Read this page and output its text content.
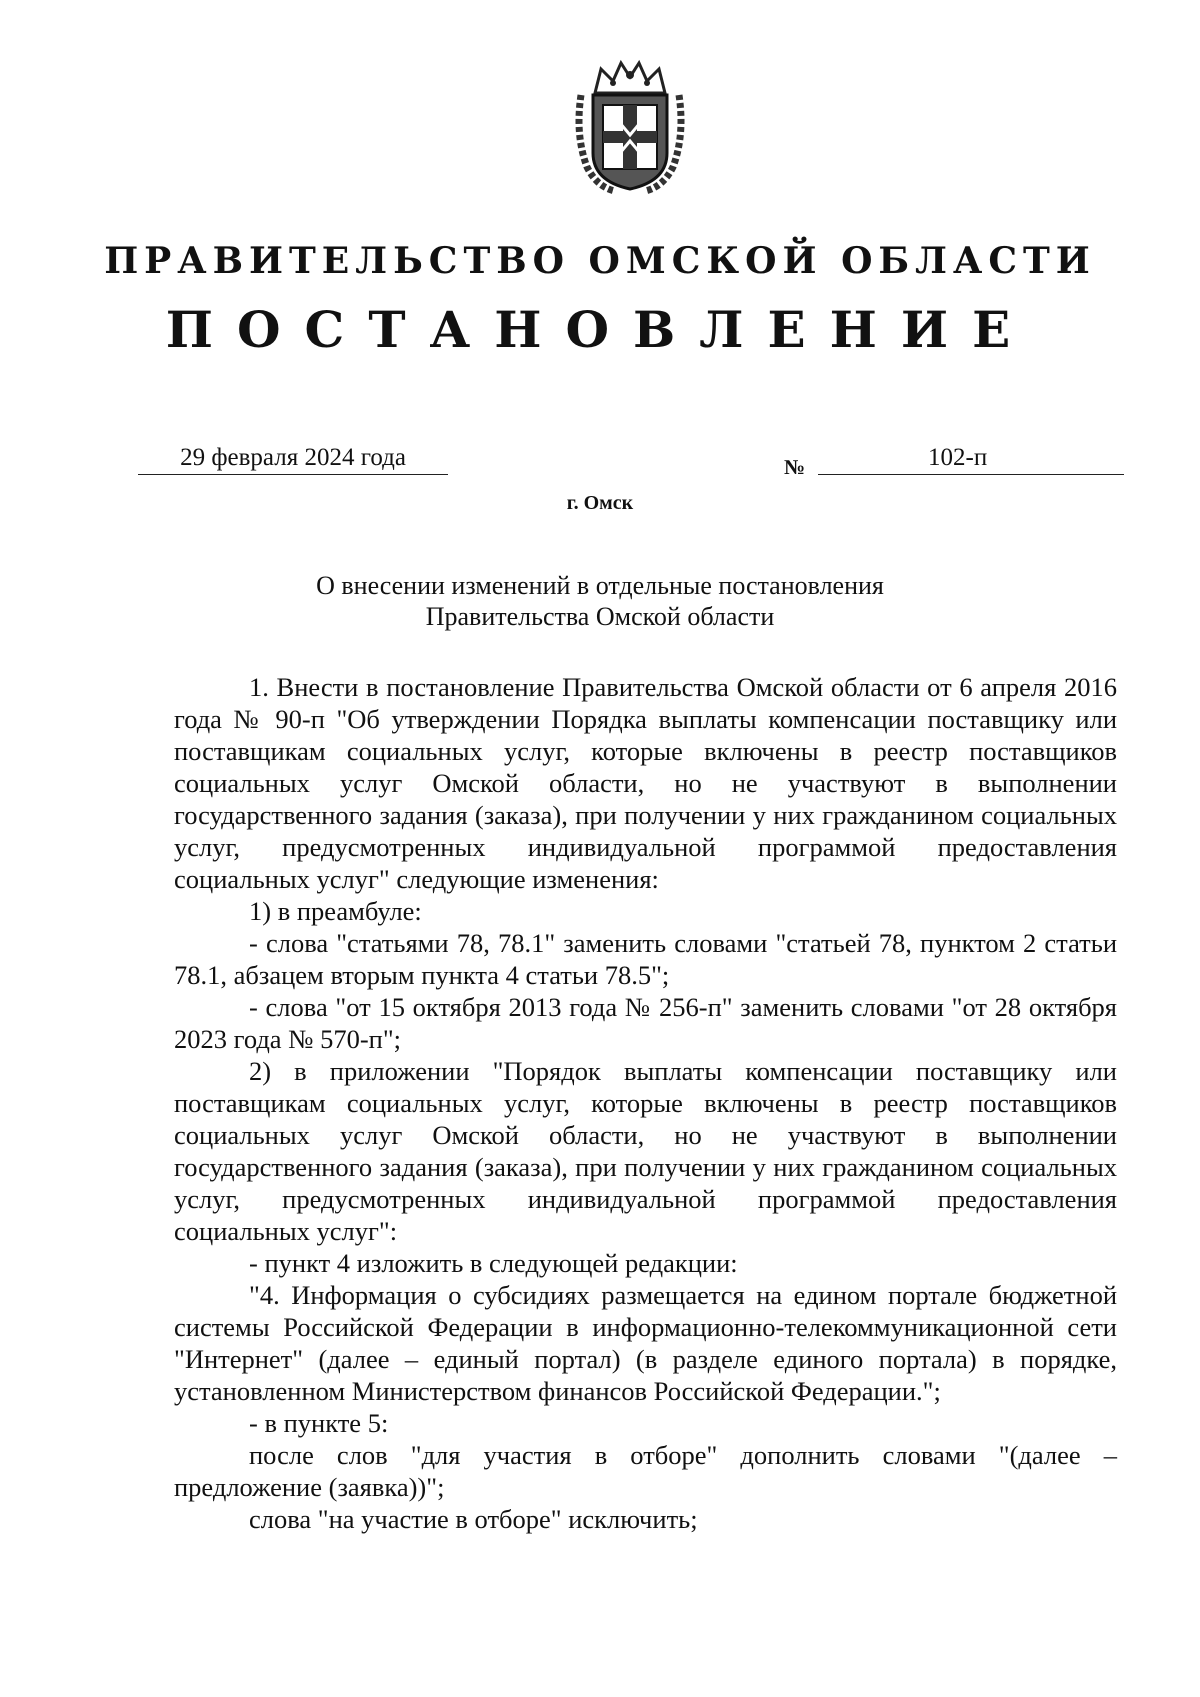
ПРАВИТЕЛЬСТВО ОМСКОЙ ОБЛАСТИ
ПОСТАНОВЛЕНИЕ
29 февраля 2024 года	№	102-п
г. Омск
О внесении изменений в отдельные постановления
Правительства Омской области

1. Внести в постановление Правительства Омской области от 6 апреля 2016 года № 90-п "Об утверждении Порядка выплаты компенсации поставщику или поставщикам социальных услуг, которые включены в реестр поставщиков социальных услуг Омской области, но не участвуют в выполнении государственного задания (заказа), при получении у них гражданином социальных услуг, предусмотренных индивидуальной программой предоставления социальных услуг" следующие изменения:

1) в преамбуле:

- слова "статьями 78, 78.1" заменить словами "статьей 78, пунктом 2 статьи 78.1, абзацем вторым пункта 4 статьи 78.5";

- слова "от 15 октября 2013 года № 256-п" заменить словами "от 28 октября 2023 года № 570-п";

2) в приложении "Порядок выплаты компенсации поставщику или поставщикам социальных услуг, которые включены в реестр поставщиков социальных услуг Омской области, но не участвуют в выполнении государственного задания (заказа), при получении у них гражданином социальных услуг, предусмотренных индивидуальной программой предоставления социальных услуг":

- пункт 4 изложить в следующей редакции:

"4. Информация о субсидиях размещается на едином портале бюджетной системы Российской Федерации в информационно-телекоммуникационной сети "Интернет" (далее – единый портал) (в разделе единого портала) в порядке, установленном Министерством финансов Российской Федерации.";

- в пункте 5:

после слов "для участия в отборе" дополнить словами "(далее – предложение (заявка))";

слова "на участие в отборе" исключить;
